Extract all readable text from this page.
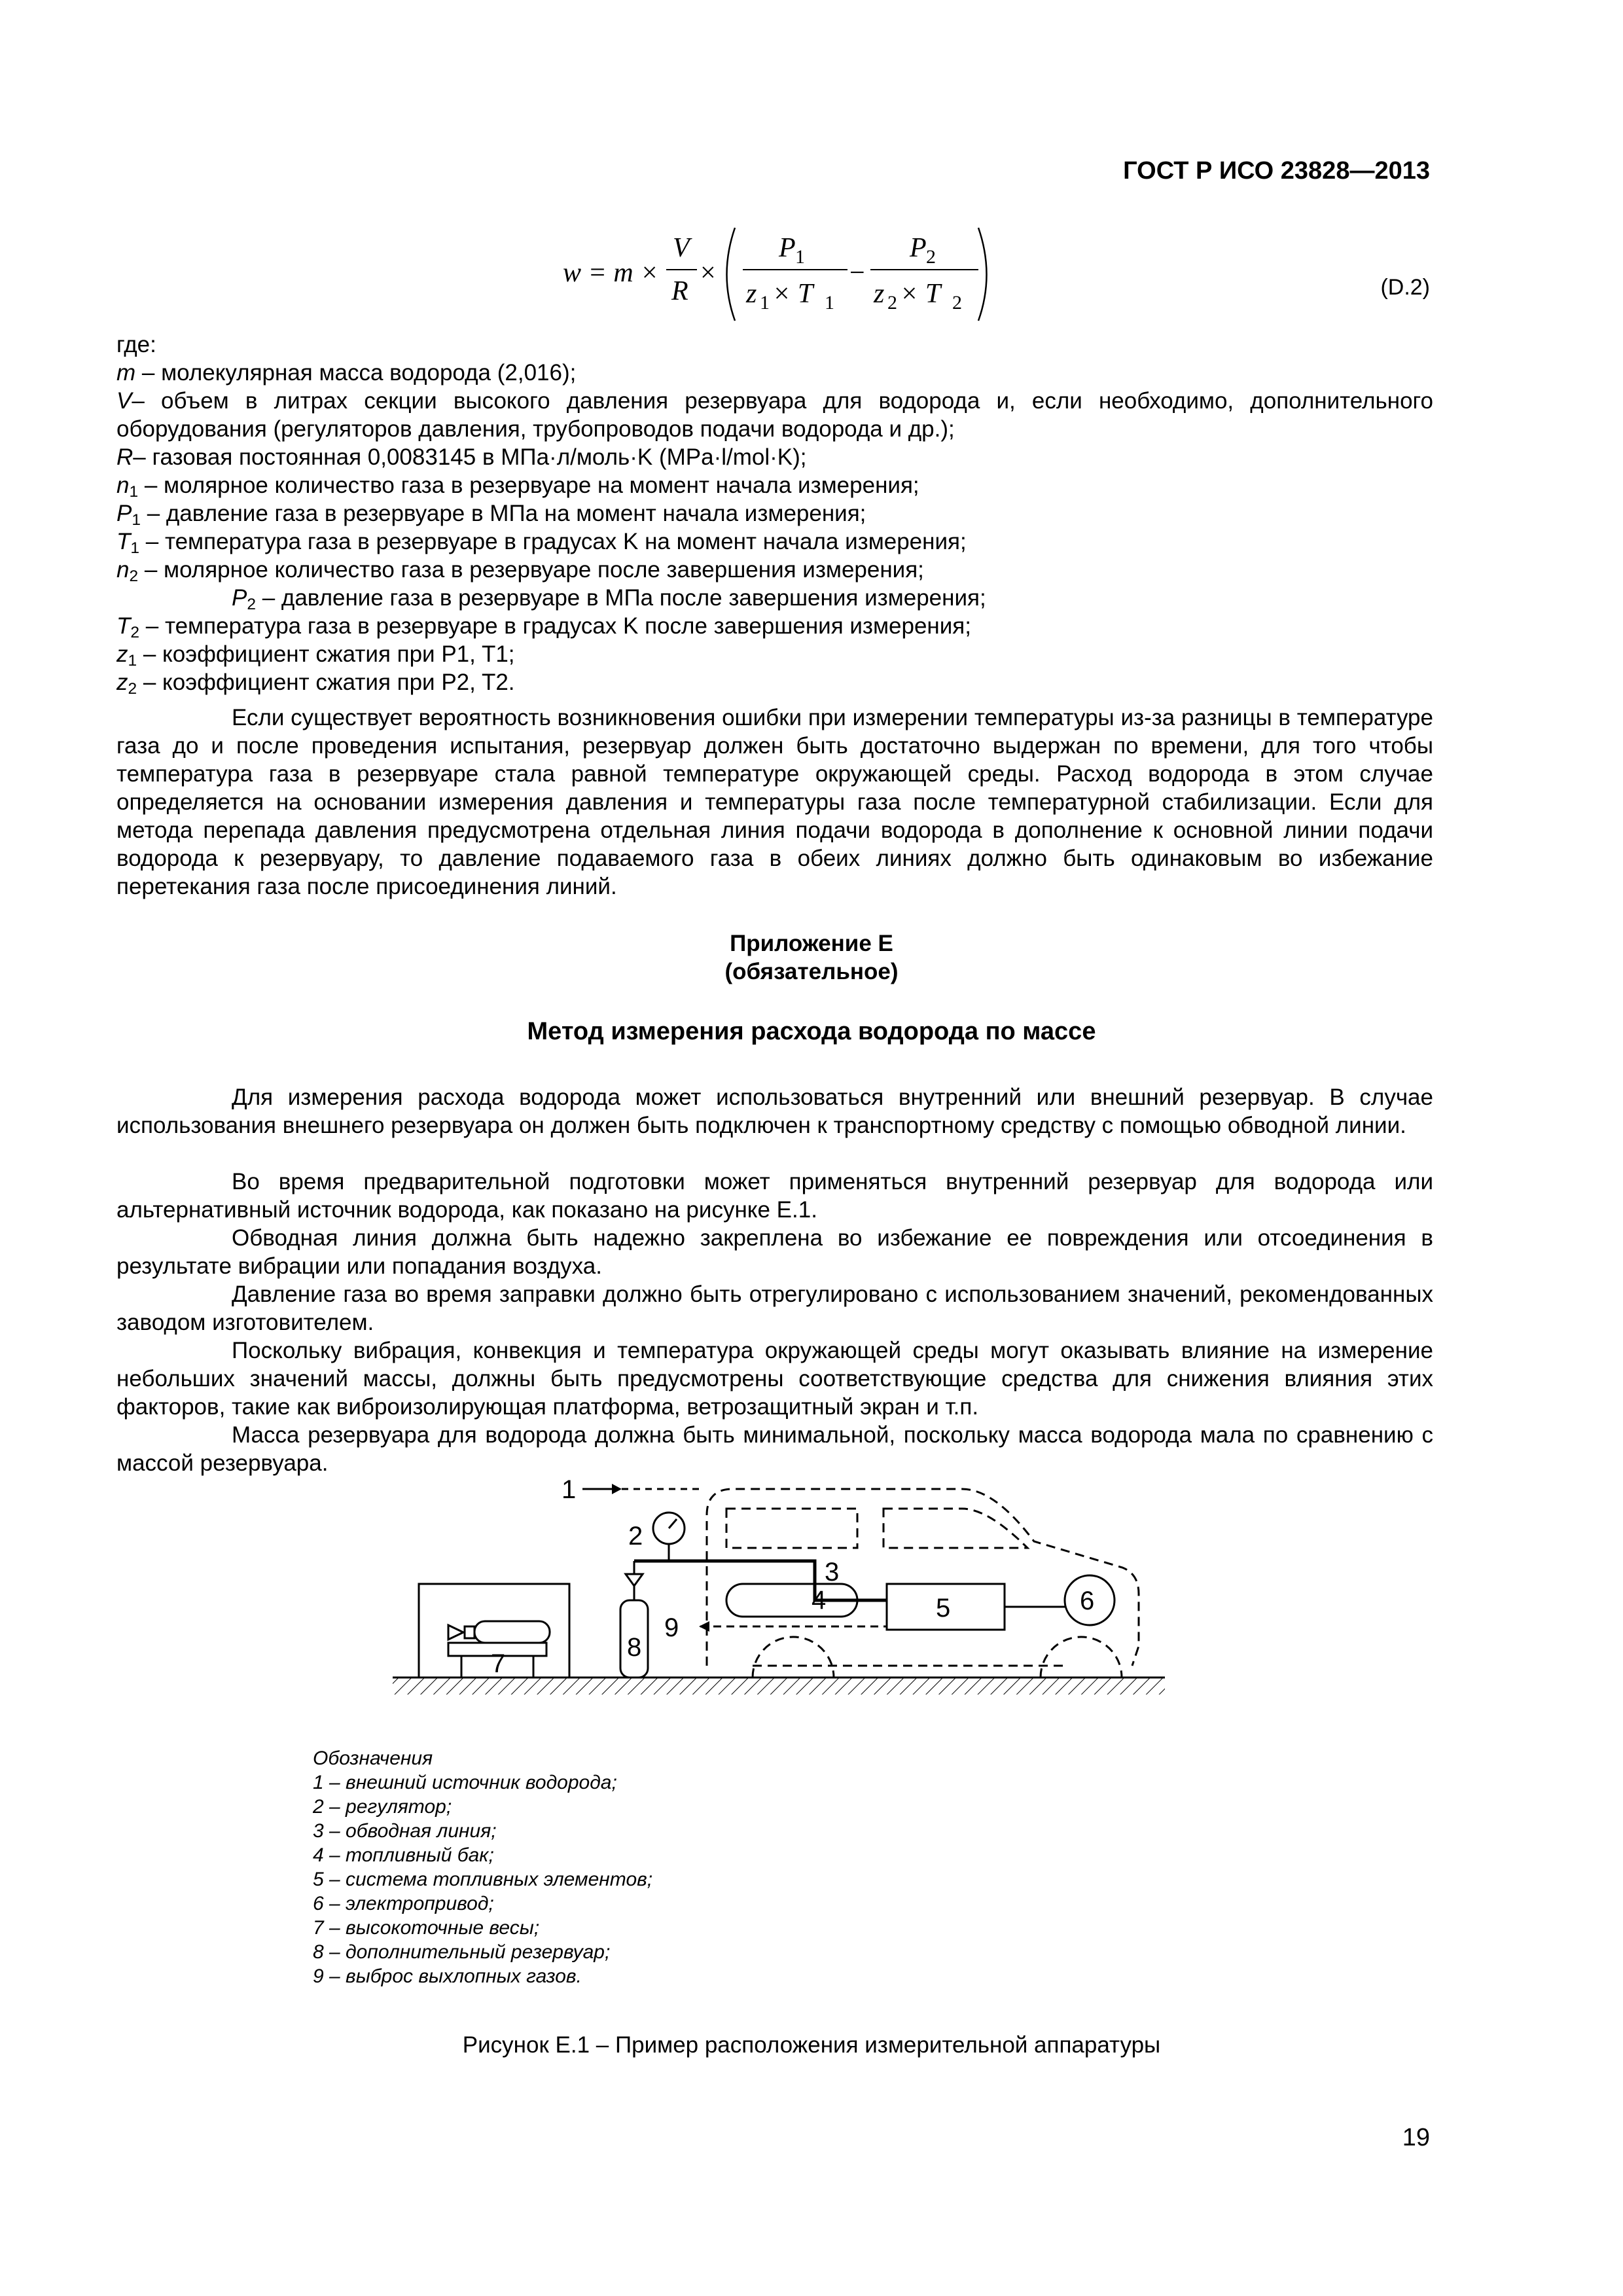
ГОСТ Р ИСО 23828—2013
w = m ×
V
R
×
P 1
z 1 × T 1
−
P 2
z 2 × T 2
(D.2)
где:
m – молекулярная масса водорода (2,016);
V– объем в литрах секции высокого давления резервуара для водорода и, если необходимо, дополнительного
оборудования (регуляторов давления, трубопроводов подачи водорода и др.);
R– газовая постоянная 0,0083145 в МПа·л/моль·K (MPa·l/mol·K);
$n_1$ – молярное количество газа в резервуаре на момент начала измерения;
$P_1$ – давление газа в резервуаре в МПа на момент начала измерения;
$T_1$ – температура газа в резервуаре в градусах K на момент начала измерения;
$n_2$ – молярное количество газа в резервуаре после завершения измерения;
$P_2$ – давление газа в резервуаре в МПа после завершения измерения;
$T_2$ – температура газа в резервуаре в градусах K после завершения измерения;
$z_1$ – коэффициент сжатия при P1, T1;
$z_2$ – коэффициент сжатия при P2, T2.
Если существует вероятность возникновения ошибки при измерении температуры из-за разницы в температуре газа до и после проведения испытания, резервуар должен быть достаточно выдержан по времени, для того чтобы температура газа в резервуаре стала равной температуре окружающей среды. Расход водорода в этом случае определяется на основании измерения давления и температуры газа после температурной стабилизации. Если для метода перепада давления предусмотрена отдельная линия подачи водорода в дополнение к основной линии подачи водорода к резервуару, то давление подаваемого газа в обеих линиях должно быть одинаковым во избежание перетекания газа после присоединения линий.
Приложение E
(обязательное)
Метод измерения расхода водорода по массе
Для измерения расхода водорода может использоваться внутренний или внешний резервуар. В случае использования внешнего резервуара он должен быть подключен к транспортному средству с помощью обводной линии.
Во время предварительной подготовки может применяться внутренний резервуар для водорода или альтернативный источник водорода, как показано на рисунке E.1.
Обводная линия должна быть надежно закреплена во избежание ее повреждения или отсоединения в результате вибрации или попадания воздуха.
Давление газа во время заправки должно быть отрегулировано с использованием значений, рекомендованных заводом изготовителем.
Поскольку вибрация, конвекция и температура окружающей среды могут оказывать влияние на измерение небольших значений массы, должны быть предусмотрены соответствующие средства для снижения влияния этих факторов, такие как виброизолирующая платформа, ветрозащитный экран и т.п.
Масса резервуара для водорода должна быть минимальной, поскольку масса водорода мала по сравнению с массой резервуара.
1
2
3
4	5	6
7
8
9
Обозначения
1 – внешний источник водорода;
2 – регулятор;
3 – обводная линия;
4 – топливный бак;
5 – система топливных элементов;
6 – электропривод;
7 – высокоточные весы;
8 – дополнительный резервуар;
9 – выброс выхлопных газов.
Рисунок E.1 – Пример расположения измерительной аппаратуры
19
